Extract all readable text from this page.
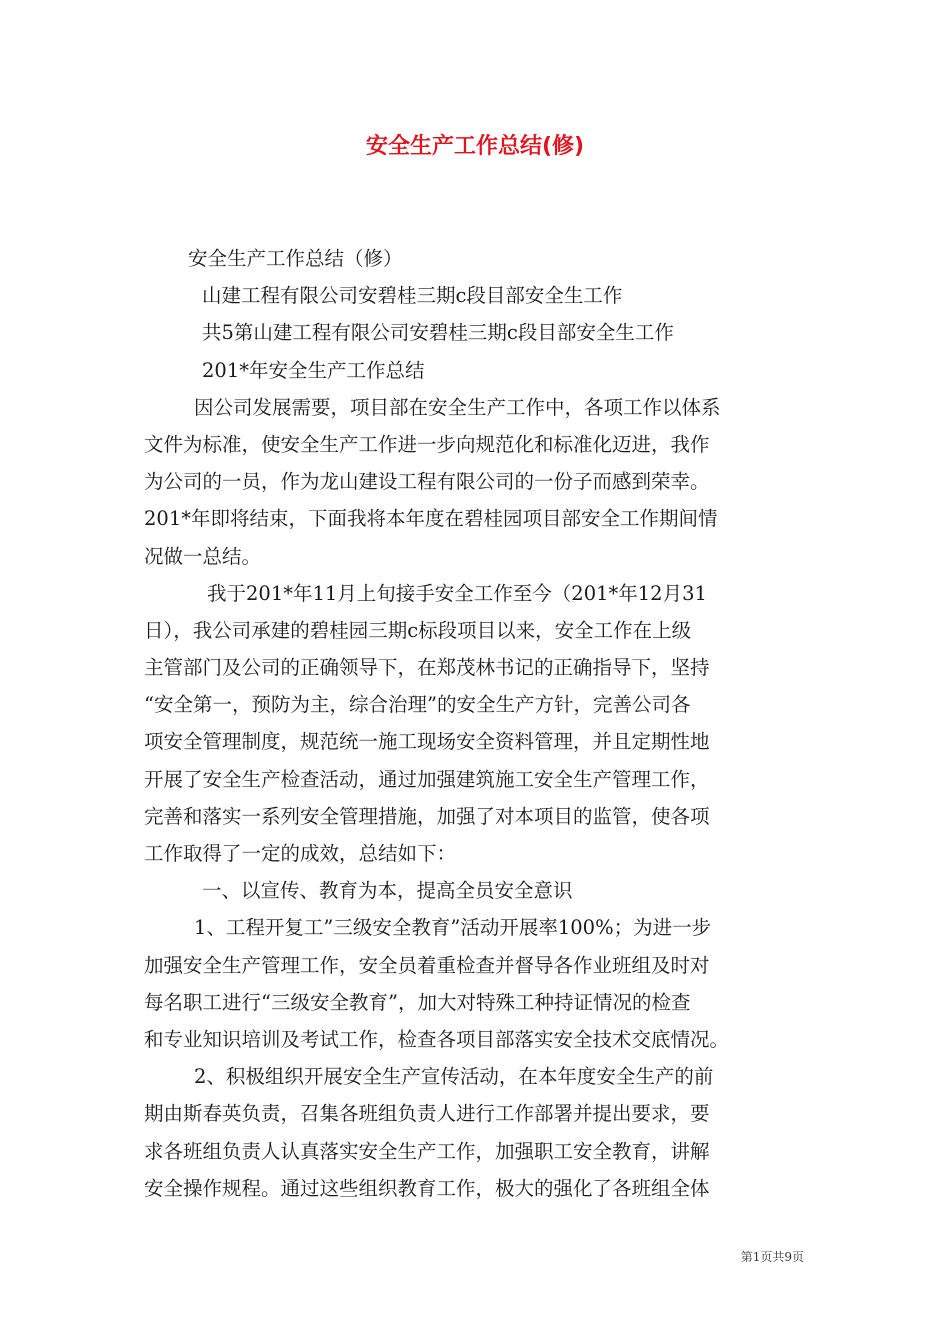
安全生产工作总结(修)
安全生产工作总结（修）
山建工程有限公司安碧桂三期c段目部安全生工作
共5第山建工程有限公司安碧桂三期c段目部安全生工作
201*年安全生产工作总结
因公司发展需要，项目部在安全生产工作中，各项工作以体系
文件为标准，使安全生产工作进一步向规范化和标准化迈进，我作
为公司的一员，作为龙山建设工程有限公司的一份子而感到荣幸。
201*年即将结束，下面我将本年度在碧桂园项目部安全工作期间情
况做一总结。
我于201*年11月上旬接手安全工作至今（201*年12月31
日），我公司承建的碧桂园三期c标段项目以来，安全工作在上级
主管部门及公司的正确领导下，在郑茂林书记的正确指导下，坚持
“安全第一，预防为主，综合治理”的安全生产方针，完善公司各
项安全管理制度，规范统一施工现场安全资料管理，并且定期性地
开展了安全生产检查活动，通过加强建筑施工安全生产管理工作，
完善和落实一系列安全管理措施，加强了对本项目的监管，使各项
工作取得了一定的成效，总结如下：
一、以宣传、教育为本，提高全员安全意识
1、工程开复工”三级安全教育”活动开展率100%；为进一步
加强安全生产管理工作，安全员着重检查并督导各作业班组及时对
每名职工进行“三级安全教育”，加大对特殊工种持证情况的检查
和专业知识培训及考试工作，检查各项目部落实安全技术交底情况。
2、积极组织开展安全生产宣传活动，在本年度安全生产的前
期由斯春英负责，召集各班组负责人进行工作部署并提出要求，要
求各班组负责人认真落实安全生产工作，加强职工安全教育，讲解
安全操作规程。通过这些组织教育工作，极大的强化了各班组全体
第1页共9页
